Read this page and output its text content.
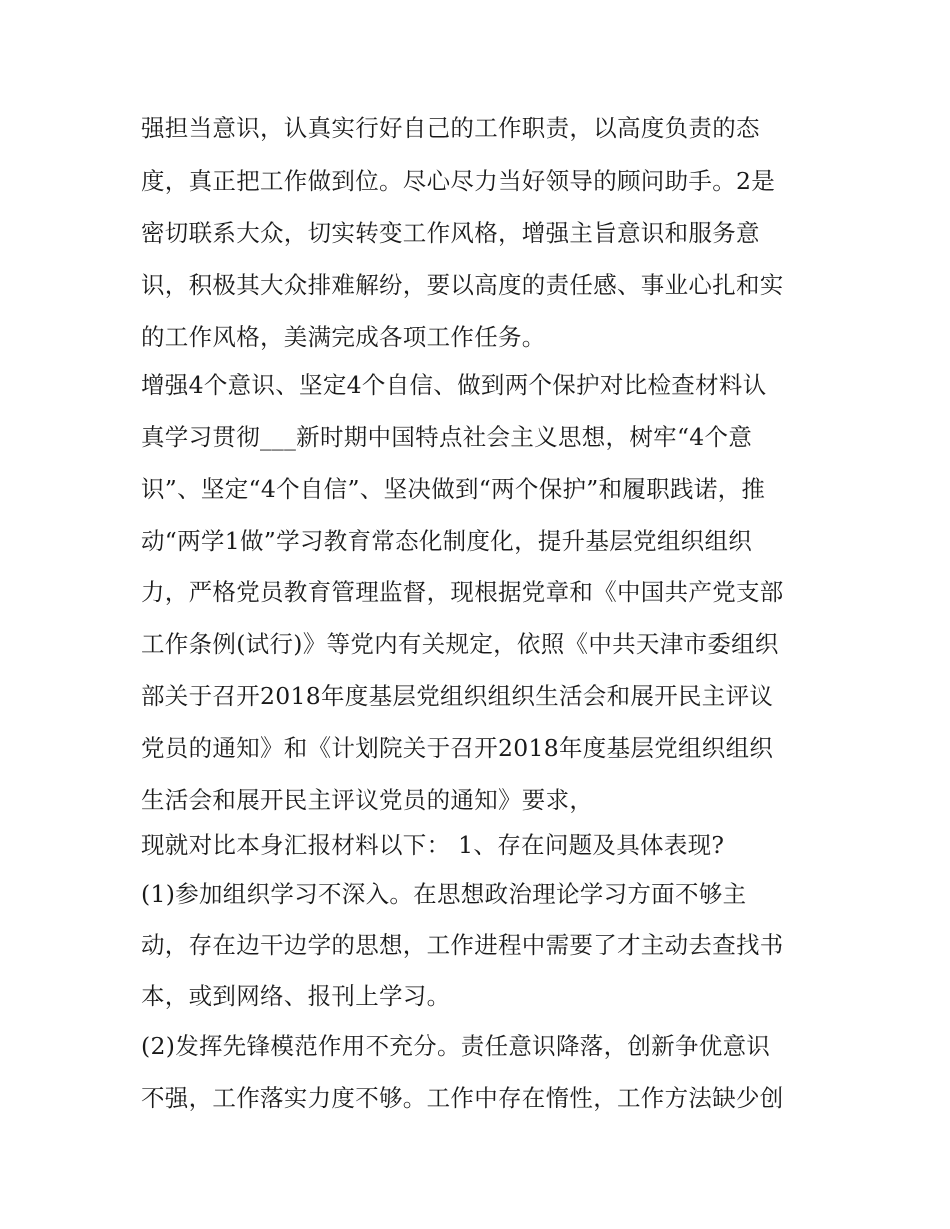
强担当意识，认真实行好自己的工作职责，以高度负责的态
度，真正把工作做到位。尽心尽力当好领导的顾问助手。2是
密切联系大众，切实转变工作风格，增强主旨意识和服务意
识，积极其大众排难解纷，要以高度的责任感、事业心扎和实
的工作风格，美满完成各项工作任务。
增强4个意识、坚定4个自信、做到两个保护对比检查材料认
真学习贯彻___新时期中国特点社会主义思想，树牢“4个意
识”、坚定“4个自信”、坚决做到“两个保护”和履职践诺，推
动“两学1做”学习教育常态化制度化，提升基层党组织组织
力，严格党员教育管理监督，现根据党章和《中国共产党支部
工作条例(试行)》等党内有关规定，依照《中共天津市委组织
部关于召开2018年度基层党组织组织生活会和展开民主评议
党员的通知》和《计划院关于召开2018年度基层党组织组织
生活会和展开民主评议党员的通知》要求，
现就对比本身汇报材料以下： 1、存在问题及具体表现?
(1)参加组织学习不深入。在思想政治理论学习方面不够主
动，存在边干边学的思想，工作进程中需要了才主动去查找书
本，或到网络、报刊上学习。
(2)发挥先锋模范作用不充分。责任意识降落，创新争优意识
不强，工作落实力度不够。工作中存在惰性，工作方法缺少创
